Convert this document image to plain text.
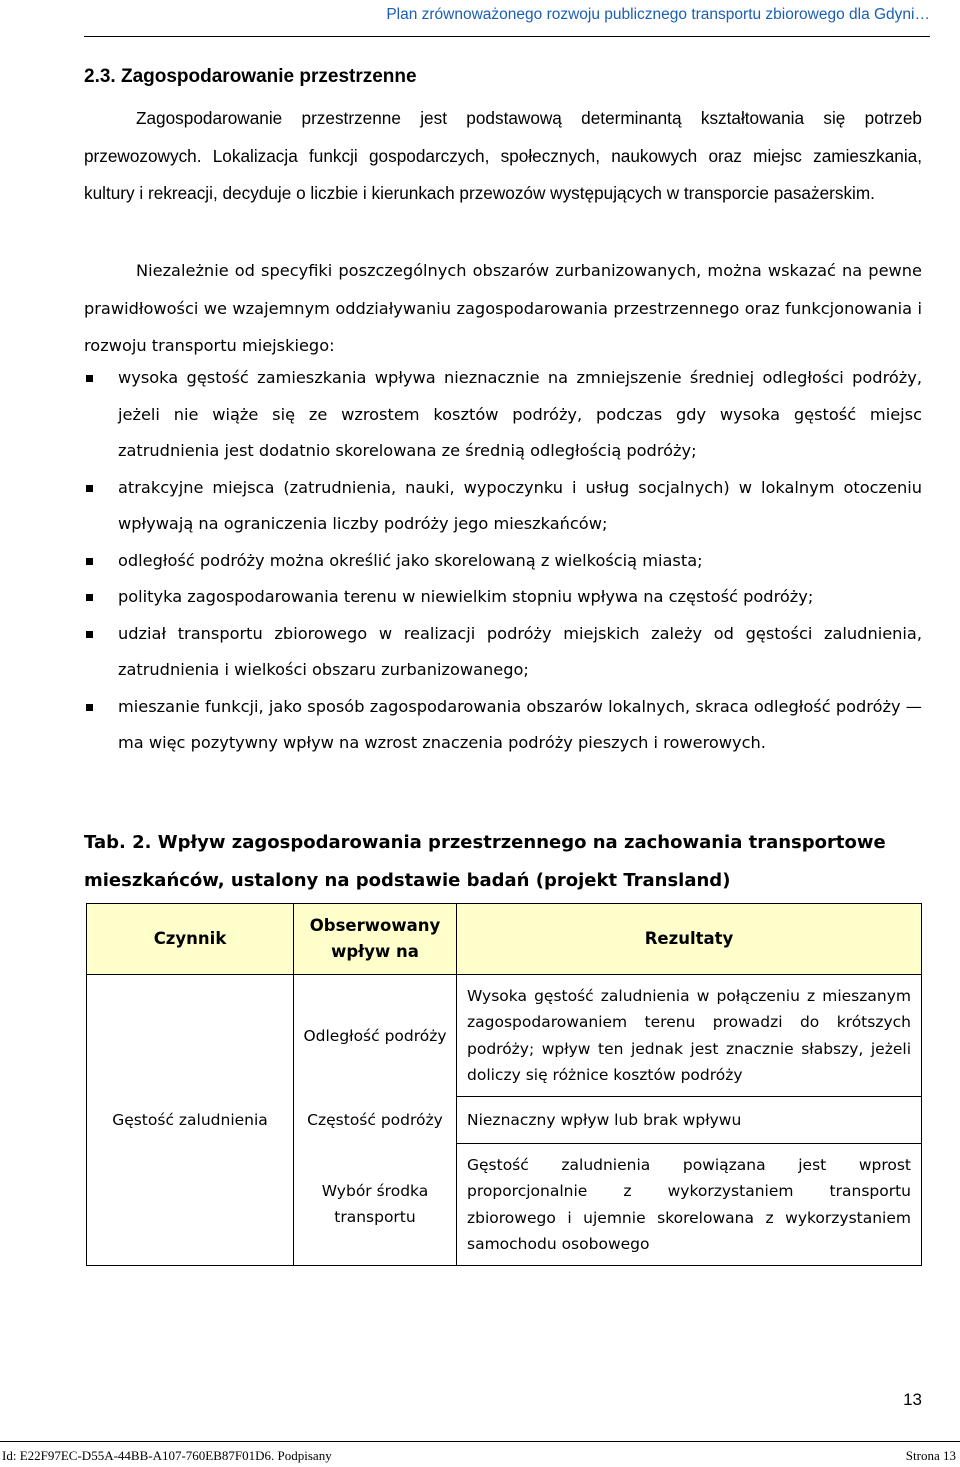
Plan zrównoważonego rozwoju publicznego transportu zbiorowego dla Gdyni…
2.3. Zagospodarowanie przestrzenne
Zagospodarowanie przestrzenne jest podstawową determinantą kształtowania się potrzeb przewozowych. Lokalizacja funkcji gospodarczych, społecznych, naukowych oraz miejsc zamieszkania, kultury i rekreacji, decyduje o liczbie i kierunkach przewozów występujących w transporcie pasażerskim.
Niezależnie od specyfiki poszczególnych obszarów zurbanizowanych, można wskazać na pewne prawidłowości we wzajemnym oddziaływaniu zagospodarowania przestrzennego oraz funkcjonowania i rozwoju transportu miejskiego:
wysoka gęstość zamieszkania wpływa nieznacznie na zmniejszenie średniej odległości podróży, jeżeli nie wiąże się ze wzrostem kosztów podróży, podczas gdy wysoka gęstość miejsc zatrudnienia jest dodatnio skorelowana ze średnią odległością podróży;
atrakcyjne miejsca (zatrudnienia, nauki, wypoczynku i usług socjalnych) w lokalnym otoczeniu wpływają na ograniczenia liczby podróży jego mieszkańców;
odległość podróży można określić jako skorelowaną z wielkością miasta;
polityka zagospodarowania terenu w niewielkim stopniu wpływa na częstość podróży;
udział transportu zbiorowego w realizacji podróży miejskich zależy od gęstości zaludnienia, zatrudnienia i wielkości obszaru zurbanizowanego;
mieszanie funkcji, jako sposób zagospodarowania obszarów lokalnych, skraca odległość podróży — ma więc pozytywny wpływ na wzrost znaczenia podróży pieszych i rowerowych.
Tab. 2. Wpływ zagospodarowania przestrzennego na zachowania transportowe mieszkańców, ustalony na podstawie badań (projekt Transland)
Czynnik	Obserwowany wpływ na	Rezultaty
	Odległość podróży	Wysoka gęstość zaludnienia w połączeniu z mieszanym zagospodarowaniem terenu prowadzi do krótszych podróży; wpływ ten jednak jest znacznie słabszy, jeżeli doliczy się różnice kosztów podróży
Gęstość zaludnienia	Częstość podróży	Nieznaczny wpływ lub brak wpływu
	Wybór środka transportu	Gęstość zaludnienia powiązana jest wprost proporcjonalnie z wykorzystaniem transportu zbiorowego i ujemnie skorelowana z wykorzystaniem samochodu osobowego
13
Id: E22F97EC-D55A-44BB-A107-760EB87F01D6. Podpisany	Strona 13
